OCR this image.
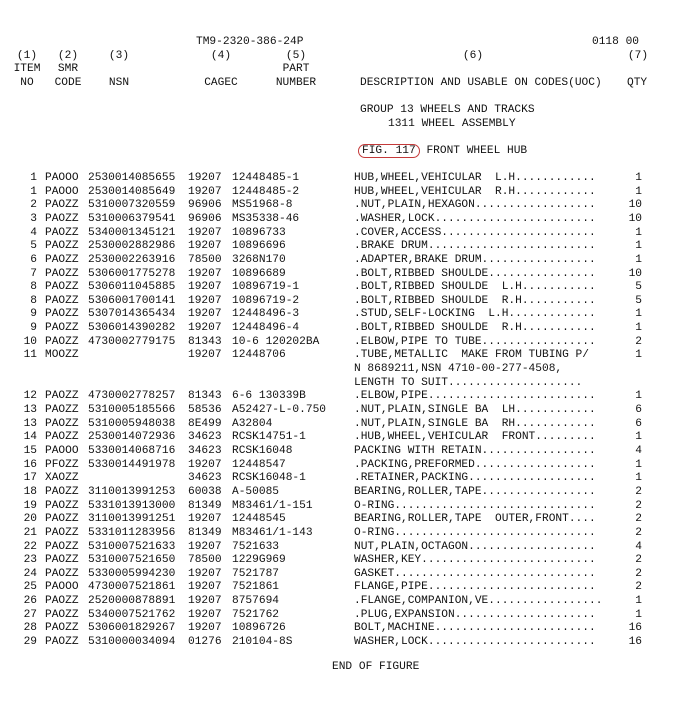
TM9-2320-386-24P	0118 00
(1) (2)	(3)	(4)	(5)	(6)	(7)
ITEM	SMR	PART
NO	CODE	NSN	CAGEC	NUMBER	DESCRIPTION AND USABLE ON CODES(UOC) QTY
GROUP 13 WHEELS AND TRACKS
1311 WHEEL ASSEMBLY
FIG. 117 FRONT WHEEL HUB
1 PAOOO 2530014085655 19207 12448485-1	HUB,WHEEL,VEHICULAR  L.H............	1
1 PAOOO 2530014085649 19207 12448485-2	HUB,WHEEL,VEHICULAR  R.H............	1
2 PAOZZ 5310007320559 96906 MS51968-8	.NUT,PLAIN,HEXAGON..................	10
3 PAOZZ 5310006379541 96906 MS35338-46	.WASHER,LOCK........................	10
4 PAOZZ 5340001345121 19207 10896733	.COVER,ACCESS.......................	1
5 PAOZZ 2530002882986 19207 10896696	.BRAKE DRUM.........................	1
6 PAOZZ 2530002263916 78500 3268N170	.ADAPTER,BRAKE DRUM.................	1
7 PAOZZ 5306001775278 19207 10896689	.BOLT,RIBBED SHOULDE................	10
8 PAOZZ 5306011045885 19207 10896719-1	.BOLT,RIBBED SHOULDE  L.H...........	5
8 PAOZZ 5306001700141 19207 10896719-2	.BOLT,RIBBED SHOULDE  R.H...........	5
9 PAOZZ 5307014365434 19207 12448496-3	.STUD,SELF-LOCKING  L.H.............	1
9 PAOZZ 5306014390282 19207 12448496-4	.BOLT,RIBBED SHOULDE  R.H...........	1
10 PAOZZ 4730002779175 81343 10-6 120202BA	.ELBOW,PIPE TO TUBE.................	2
11 MOOZZ	19207 12448706	.TUBE,METALLIC  MAKE FROM TUBING P/	1
N 8689211,NSN 4710-00-277-4508,
LENGTH TO SUIT....................
12 PAOZZ 4730002778257 81343 6-6 130339B	.ELBOW,PIPE.........................	1
13 PAOZZ 5310005185566 58536 A52427-L-0.750	.NUT,PLAIN,SINGLE BA  LH............	6
13 PAOZZ 5310005948038 8E499 A32804	.NUT,PLAIN,SINGLE BA  RH............	6
14 PAOZZ 2530014072936 34623 RCSK14751-1	.HUB,WHEEL,VEHICULAR  FRONT.........	1
15 PAOOO 5330014068716 34623 RCSK16048	PACKING WITH RETAIN.................	4
16 PFOZZ 5330014491978 19207 12448547	.PACKING,PREFORMED..................	1
17 XAOZZ	34623 RCSK16048-1	.RETAINER,PACKING...................	1
18 PAOZZ 3110013991253 60038 A-50085	BEARING,ROLLER,TAPE.................	2
19 PAOZZ 5331013913000 81349 M83461/1-151	O-RING..............................	2
20 PAOZZ 3110013991251 19207 12448545	BEARING,ROLLER,TAPE  OUTER,FRONT....	2
21 PAOZZ 5331011283956 81349 M83461/1-143	O-RING..............................	2
22 PAOZZ 5310007521633 19207 7521633	NUT,PLAIN,OCTAGON...................	4
23 PAOZZ 5310007521650 78500 1229G969	WASHER,KEY..........................	2
24 PAOZZ 5330005994230 19207 7521787	GASKET..............................	2
25 PAOOO 4730007521861 19207 7521861	FLANGE,PIPE.........................	2
26 PAOZZ 2520000878891 19207 8757694	.FLANGE,COMPANION,VE.................	1
27 PAOZZ 5340007521762 19207 7521762	.PLUG,EXPANSION.....................	1
28 PAOZZ 5306001829267 19207 10896726	BOLT,MACHINE........................	16
29 PAOZZ 5310000034094 01276 210104-8S	WASHER,LOCK.........................	16
END OF FIGURE
